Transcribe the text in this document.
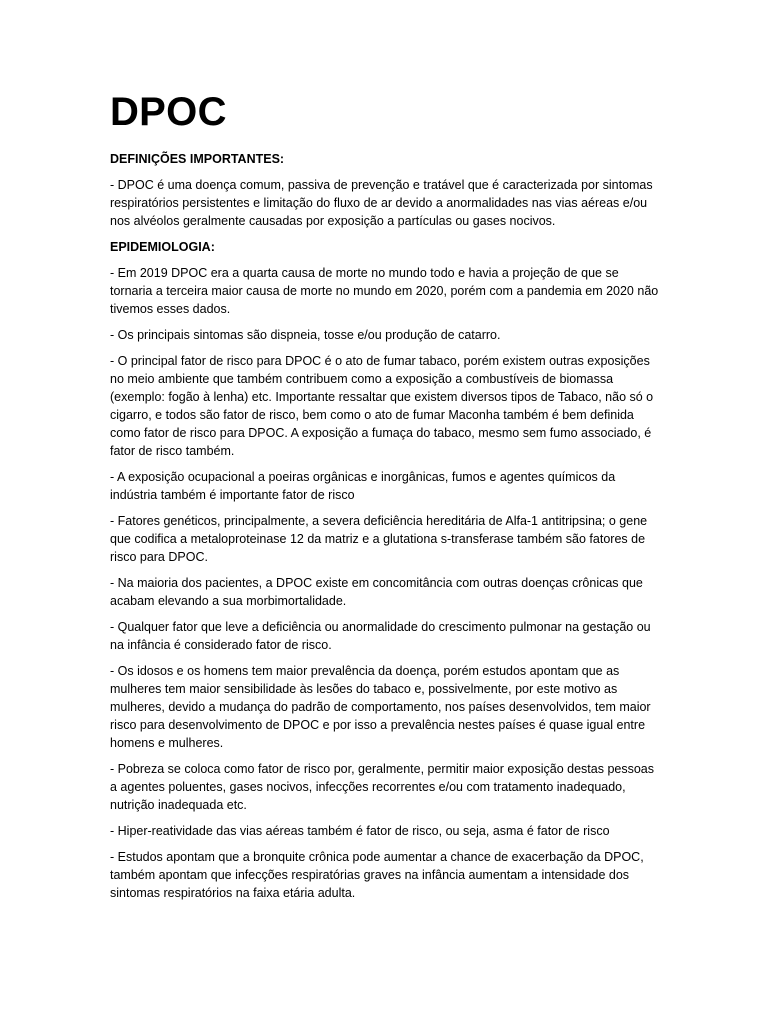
DPOC
DEFINIÇÕES IMPORTANTES:

- DPOC é uma doença comum, passiva de prevenção e tratável que é caracterizada por sintomas respiratórios persistentes e limitação do fluxo de ar devido a anormalidades nas vias aéreas e/ou nos alvéolos geralmente causadas por exposição a partículas ou gases nocivos.

EPIDEMIOLOGIA:

- Em 2019 DPOC era a quarta causa de morte no mundo todo e havia a projeção de que se tornaria a terceira maior causa de morte no mundo em 2020, porém com a pandemia em 2020 não tivemos esses dados.

- Os principais sintomas são dispneia, tosse e/ou produção de catarro.

- O principal fator de risco para DPOC é o ato de fumar tabaco, porém existem outras exposições no meio ambiente que também contribuem como a exposição a combustíveis de biomassa (exemplo: fogão à lenha) etc. Importante ressaltar que existem diversos tipos de Tabaco, não só o cigarro, e todos são fator de risco, bem como o ato de fumar Maconha também é bem definida como fator de risco para DPOC. A exposição a fumaça do tabaco, mesmo sem fumo associado, é fator de risco também.

- A exposição ocupacional a poeiras orgânicas e inorgânicas, fumos e agentes químicos da indústria também é importante fator de risco

- Fatores genéticos, principalmente, a severa deficiência hereditária de Alfa-1 antitripsina; o gene que codifica a metaloproteinase 12 da matriz e a glutationa s-transferase também são fatores de risco para DPOC.

- Na maioria dos pacientes, a DPOC existe em concomitância com outras doenças crônicas que acabam elevando a sua morbimortalidade.

- Qualquer fator que leve a deficiência ou anormalidade do crescimento pulmonar na gestação ou na infância é considerado fator de risco.

- Os idosos e os homens tem maior prevalência da doença, porém estudos apontam que as mulheres tem maior sensibilidade às lesões do tabaco e, possivelmente, por este motivo as mulheres, devido a mudança do padrão de comportamento, nos países desenvolvidos, tem maior risco para desenvolvimento de DPOC e por isso a prevalência nestes países é quase igual entre homens e mulheres.

- Pobreza se coloca como fator de risco por, geralmente, permitir maior exposição destas pessoas a agentes poluentes, gases nocivos, infecções recorrentes e/ou com tratamento inadequado, nutrição inadequada etc.

- Hiper-reatividade das vias aéreas também é fator de risco, ou seja, asma é fator de risco

- Estudos apontam que a bronquite crônica pode aumentar a chance de exacerbação da DPOC, também apontam que infecções respiratórias graves na infância aumentam a intensidade dos sintomas respiratórios na faixa etária adulta.
